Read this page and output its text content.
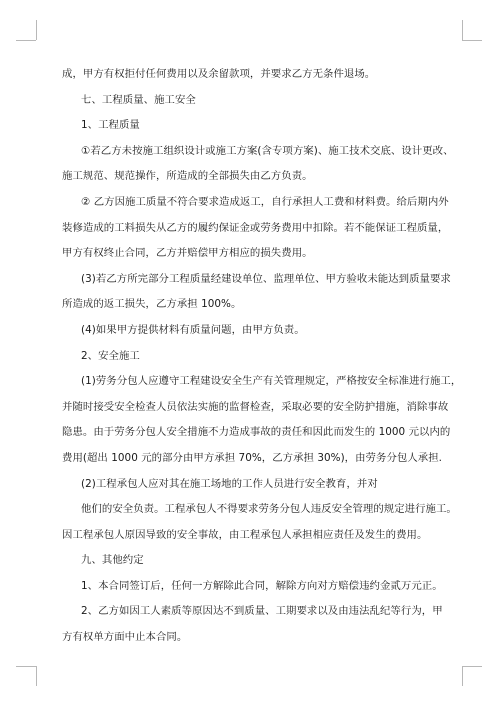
成，甲方有权拒付任何费用以及余留款项，并要求乙方无条件退场。
七、工程质量、施工安全
1、工程质量
①若乙方未按施工组织设计或施工方案(含专项方案)、施工技术交底、设计更改、
施工规范、规范操作，所造成的全部损失由乙方负责。
② 乙方因施工质量不符合要求造成返工，自行承担人工费和材料费。给后期内外
装修造成的工料损失从乙方的履约保证金或劳务费用中扣除。若不能保证工程质量，
甲方有权终止合同，乙方并赔偿甲方相应的损失费用。
(3)若乙方所完部分工程质量经建设单位、监理单位、甲方验收未能达到质量要求
所造成的返工损失，乙方承担 100%。
(4)如果甲方提供材料有质量问题，由甲方负责。
2、安全施工
(1)劳务分包人应遵守工程建设安全生产有关管理规定，严格按安全标准进行施工，
并随时接受安全检查人员依法实施的监督检查，采取必要的安全防护措施，消除事故
隐患。由于劳务分包人安全措施不力造成事故的责任和因此而发生的 1000 元以内的
费用(超出 1000 元的部分由甲方承担 70%，乙方承担 30%)，由劳务分包人承担.
(2)工程承包人应对其在施工场地的工作人员进行安全教育，并对
他们的安全负责。工程承包人不得要求劳务分包人违反安全管理的规定进行施工。
因工程承包人原因导致的安全事故，由工程承包人承担相应责任及发生的费用。
九、其他约定
1、本合同签订后，任何一方解除此合同，解除方向对方赔偿违约金贰万元正。
2、乙方如因工人素质等原因达不到质量、工期要求以及由违法乱纪等行为，甲
方有权单方面中止本合同。
